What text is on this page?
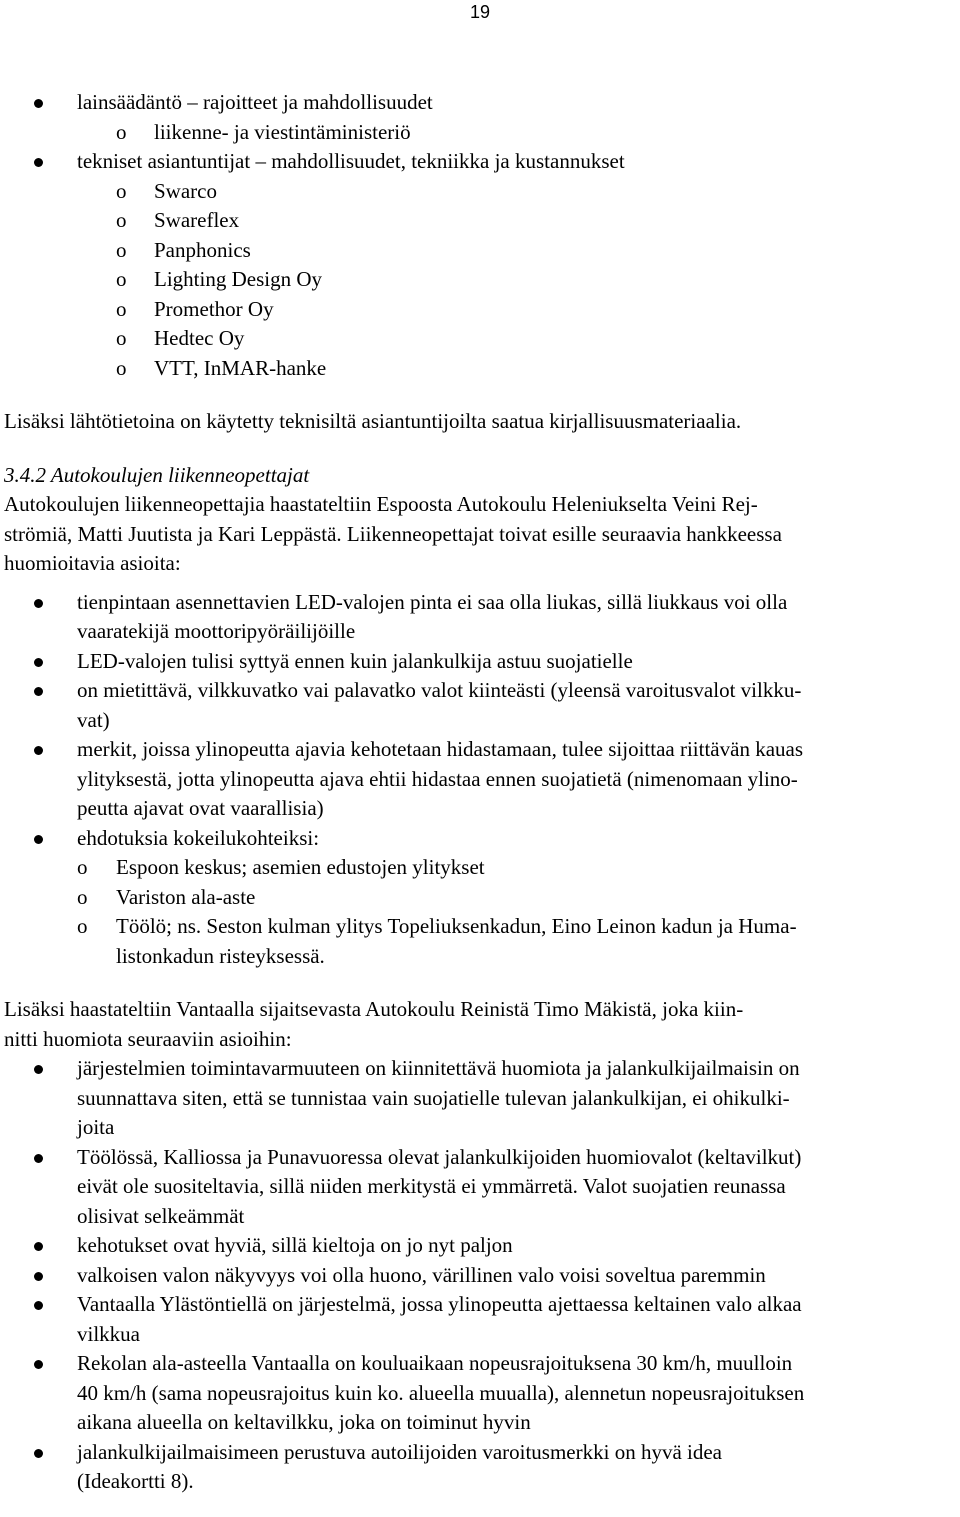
19
lainsäädäntö – rajoitteet ja mahdollisuudet
o liikenne- ja viestintäministeriö
tekniset asiantuntijat – mahdollisuudet, tekniikka ja kustannukset
o Swarco
o Swareflex
o Panphonics
o Lighting Design Oy
o Promethor Oy
o Hedtec Oy
o VTT, InMAR-hanke

Lisäksi lähtötietoina on käytetty teknisiltä asiantuntijoilta saatua kirjallisuusmateriaalia.

3.4.2 Autokoulujen liikenneopettajat

Autokoulujen liikenneopettajia haastateltiin Espoosta Autokoulu Heleniukselta Veini Rej-
strömiä, Matti Juutista ja Kari Leppästä. Liikenneopettajat toivat esille seuraavia hankkeessa
huomioitavia asioita:

tienpintaan asennettavien LED-valojen pinta ei saa olla liukas, sillä liukkaus voi olla
vaaratekijä moottoripyöräilijöille
LED-valojen tulisi syttyä ennen kuin jalankulkija astuu suojatielle
on mietittävä, vilkkuvatko vai palavatko valot kiinteästi (yleensä varoitusvalot vilkku-
vat)
merkit, joissa ylinopeutta ajavia kehotetaan hidastamaan, tulee sijoittaa riittävän kauas
ylityksestä, jotta ylinopeutta ajava ehtii hidastaa ennen suojatietä (nimenomaan ylino-
peutta ajavat ovat vaarallisia)
ehdotuksia kokeilukohteiksi:
o Espoon keskus; asemien edustojen ylitykset
o Variston ala-aste
o Töölö; ns. Seston kulman ylitys Topeliuksenkadun, Eino Leinon kadun ja Huma-
listonkadun risteyksessä.

Lisäksi haastateltiin Vantaalla sijaitsevasta Autokoulu Reinistä Timo Mäkistä, joka kiin-
nitti huomiota seuraaviin asioihin:

järjestelmien toimintavarmuuteen on kiinnitettävä huomiota ja jalankulkijailmaisin on
suunnattava siten, että se tunnistaa vain suojatielle tulevan jalankulkijan, ei ohikulki-
joita
Töölössä, Kalliossa ja Punavuoressa olevat jalankulkijoiden huomiovalot (keltavilkut)
eivät ole suositeltavia, sillä niiden merkitystä ei ymmärretä. Valot suojatien reunassa
olisivat selkeämmät
kehotukset ovat hyviä, sillä kieltoja on jo nyt paljon
valkoisen valon näkyvyys voi olla huono, värillinen valo voisi soveltua paremmin
Vantaalla Ylästöntiellä on järjestelmä, jossa ylinopeutta ajettaessa keltainen valo alkaa
vilkkua
Rekolan ala-asteella Vantaalla on kouluaikaan nopeusrajoituksena 30 km/h, muulloin
40 km/h (sama nopeusrajoitus kuin ko. alueella muualla), alennetun nopeusrajoituksen
aikana alueella on keltavilkku, joka on toiminut hyvin
jalankulkijailmaisimeen perustuva autoilijoiden varoitusmerkki on hyvä idea
(Ideakortti 8).
